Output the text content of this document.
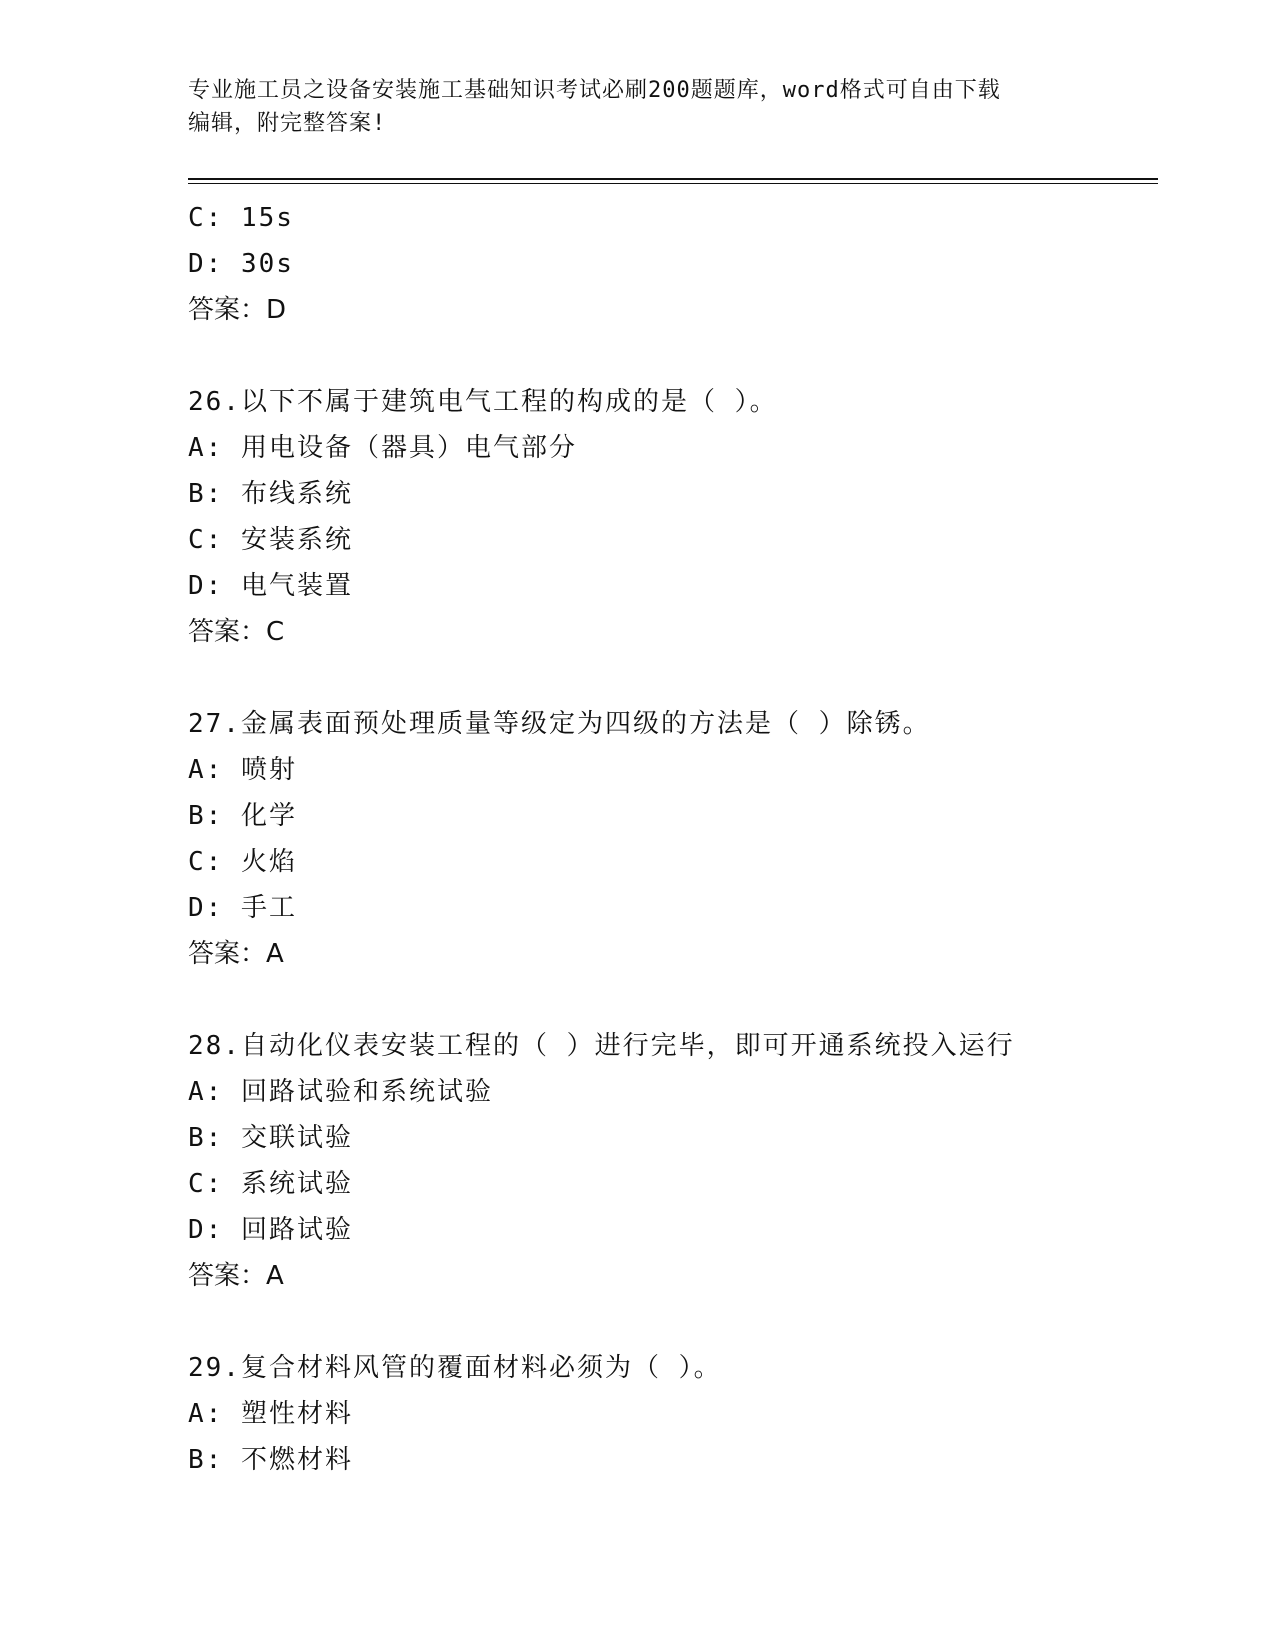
专业施工员之设备安装施工基础知识考试必刷200题题库，word格式可自由下载
编辑，附完整答案!
C: 15s
D: 30s
答案：D
26.以下不属于建筑电气工程的构成的是（ ）。
A: 用电设备（器具）电气部分
B: 布线系统
C: 安装系统
D: 电气装置
答案：C
27.金属表面预处理质量等级定为四级的方法是（ ）除锈。
A: 喷射
B: 化学
C: 火焰
D: 手工
答案：A
28.自动化仪表安装工程的（ ）进行完毕，即可开通系统投入运行
A: 回路试验和系统试验
B: 交联试验
C: 系统试验
D: 回路试验
答案：A
29.复合材料风管的覆面材料必须为（ ）。
A: 塑性材料
B: 不燃材料
